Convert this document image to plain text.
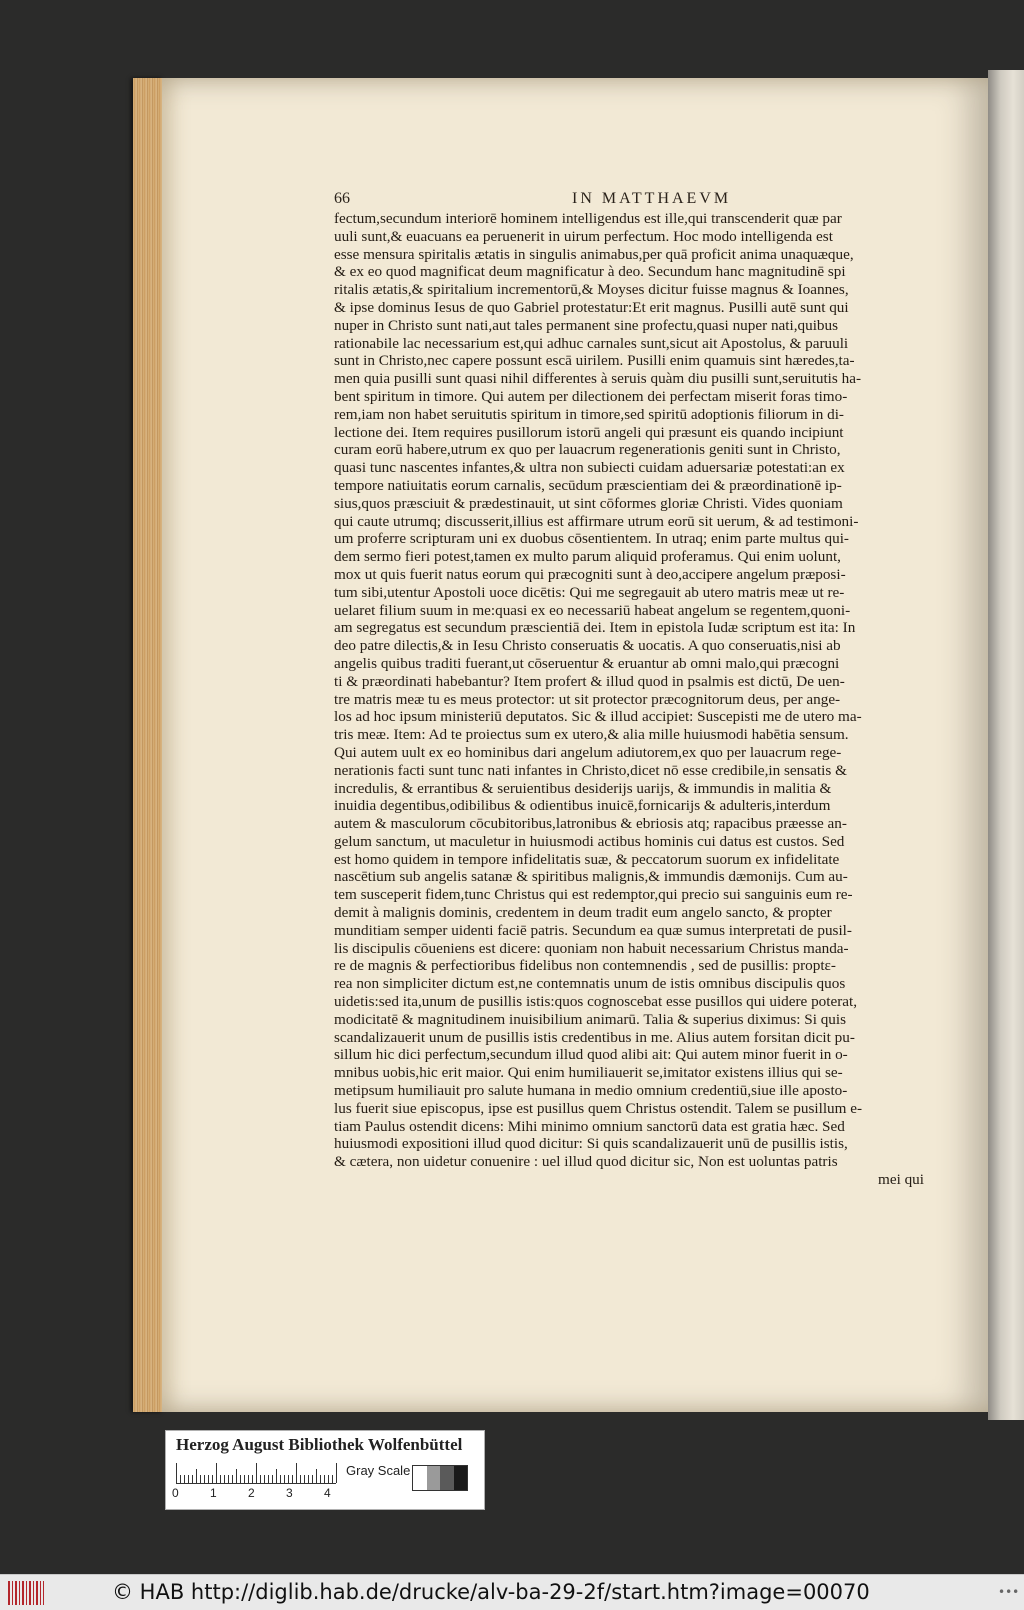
66	IN MATTHAEVM
fectum,secundum interiorē hominem intelligendus est ille,qui transcenderit quæ par
uuli sunt,& euacuans ea peruenerit in uirum perfectum. Hoc modo intelligenda est
esse mensura spiritalis ætatis in singulis animabus,per quā proficit anima unaquæque,
& ex eo quod magnificat deum magnificatur à deo. Secundum hanc magnitudinē spi
ritalis ætatis,& spiritalium incrementorū,& Moyses dicitur fuisse magnus & Ioannes,
& ipse dominus Iesus de quo Gabriel protestatur:Et erit magnus. Pusilli autē sunt qui
nuper in Christo sunt nati,aut tales permanent sine profectu,quasi nuper nati,quibus
rationabile lac necessarium est,qui adhuc carnales sunt,sicut ait Apostolus, & paruuli
sunt in Christo,nec capere possunt escā uirilem. Pusilli enim quamuis sint hæredes,ta-
men quia pusilli sunt quasi nihil differentes à seruis quàm diu pusilli sunt,seruitutis ha-
bent spiritum in timore. Qui autem per dilectionem dei perfectam miserit foras timo-
rem,iam non habet seruitutis spiritum in timore,sed spiritū adoptionis filiorum in di-
lectione dei. Item requires pusillorum istorū angeli qui præsunt eis quando incipiunt
curam eorū habere,utrum ex quo per lauacrum regenerationis geniti sunt in Christo,
quasi tunc nascentes infantes,& ultra non subiecti cuidam aduersariæ potestati:an ex
tempore natiuitatis eorum carnalis, secūdum præscientiam dei & præordinationē ip-
sius,quos præsciuit & prædestinauit, ut sint cōformes gloriæ Christi. Vides quoniam
qui caute utrumq; discusserit,illius est affirmare utrum eorū sit uerum, & ad testimoni-
um proferre scripturam uni ex duobus cōsentientem. In utraq; enim parte multus qui-
dem sermo fieri potest,tamen ex multo parum aliquid proferamus. Qui enim uolunt,
mox ut quis fuerit natus eorum qui præcogniti sunt à deo,accipere angelum præposi-
tum sibi,utentur Apostoli uoce dicētis: Qui me segregauit ab utero matris meæ ut re-
uelaret filium suum in me:quasi ex eo necessariū habeat angelum se regentem,quoni-
am segregatus est secundum præscientiā dei. Item in epistola Iudæ scriptum est ita: In
deo patre dilectis,& in Iesu Christo conseruatis & uocatis. A quo conseruatis,nisi ab
angelis quibus traditi fuerant,ut cōseruentur & eruantur ab omni malo,qui præcogni
ti & præordinati habebantur? Item profert & illud quod in psalmis est dictū, De uen-
tre matris meæ tu es meus protector: ut sit protector præcognitorum deus, per ange-
los ad hoc ipsum ministeriū deputatos. Sic & illud accipiet: Suscepisti me de utero ma-
tris meæ. Item: Ad te proiectus sum ex utero,& alia mille huiusmodi habētia sensum.
Qui autem uult ex eo hominibus dari angelum adiutorem,ex quo per lauacrum rege-
nerationis facti sunt tunc nati infantes in Christo,dicet nō esse credibile,in sensatis &
incredulis, & errantibus & seruientibus desiderijs uarijs, & immundis in malitia &
inuidia degentibus,odibilibus & odientibus inuicē,fornicarijs & adulteris,interdum
autem & masculorum cōcubitoribus,latronibus & ebriosis atq; rapacibus præesse an-
gelum sanctum, ut maculetur in huiusmodi actibus hominis cui datus est custos. Sed
est homo quidem in tempore infidelitatis suæ, & peccatorum suorum ex infidelitate
nascētium sub angelis satanæ & spiritibus malignis,& immundis dæmonijs. Cum au-
tem susceperit fidem,tunc Christus qui est redemptor,qui precio sui sanguinis eum re-
demit à malignis dominis, credentem in deum tradit eum angelo sancto, & propter
munditiam semper uidenti faciē patris. Secundum ea quæ sumus interpretati de pusil-
lis discipulis cōueniens est dicere: quoniam non habuit necessarium Christus manda-
re de magnis & perfectioribus fidelibus non contemnendis , sed de pusillis: proptε-
rea non simpliciter dictum est,ne contemnatis unum de istis omnibus discipulis quos
uidetis:sed ita,unum de pusillis istis:quos cognoscebat esse pusillos qui uidere poterat,
modicitatē & magnitudinem inuisibilium animarū. Talia & superius diximus: Si quis
scandalizauerit unum de pusillis istis credentibus in me. Alius autem forsitan dicit pu-
sillum hic dici perfectum,secundum illud quod alibi ait: Qui autem minor fuerit in o-
mnibus uobis,hic erit maior. Qui enim humiliauerit se,imitator existens illius qui se-
metipsum humiliauit pro salute humana in medio omnium credentiū,siue ille aposto-
lus fuerit siue episcopus, ipse est pusillus quem Christus ostendit. Talem se pusillum e-
tiam Paulus ostendit dicens: Mihi minimo omnium sanctorū data est gratia hæc. Sed
huiusmodi expositioni illud quod dicitur: Si quis scandalizauerit unū de pusillis istis,
& cætera, non uidetur conuenire : uel illud quod dicitur sic, Non est uoluntas patris
mei qui
Herzog August Bibliothek Wolfenbüttel
0	1	2	3	4
Gray Scale
© HAB http://diglib.hab.de/drucke/alv-ba-29-2f/start.htm?image=00070	•••
